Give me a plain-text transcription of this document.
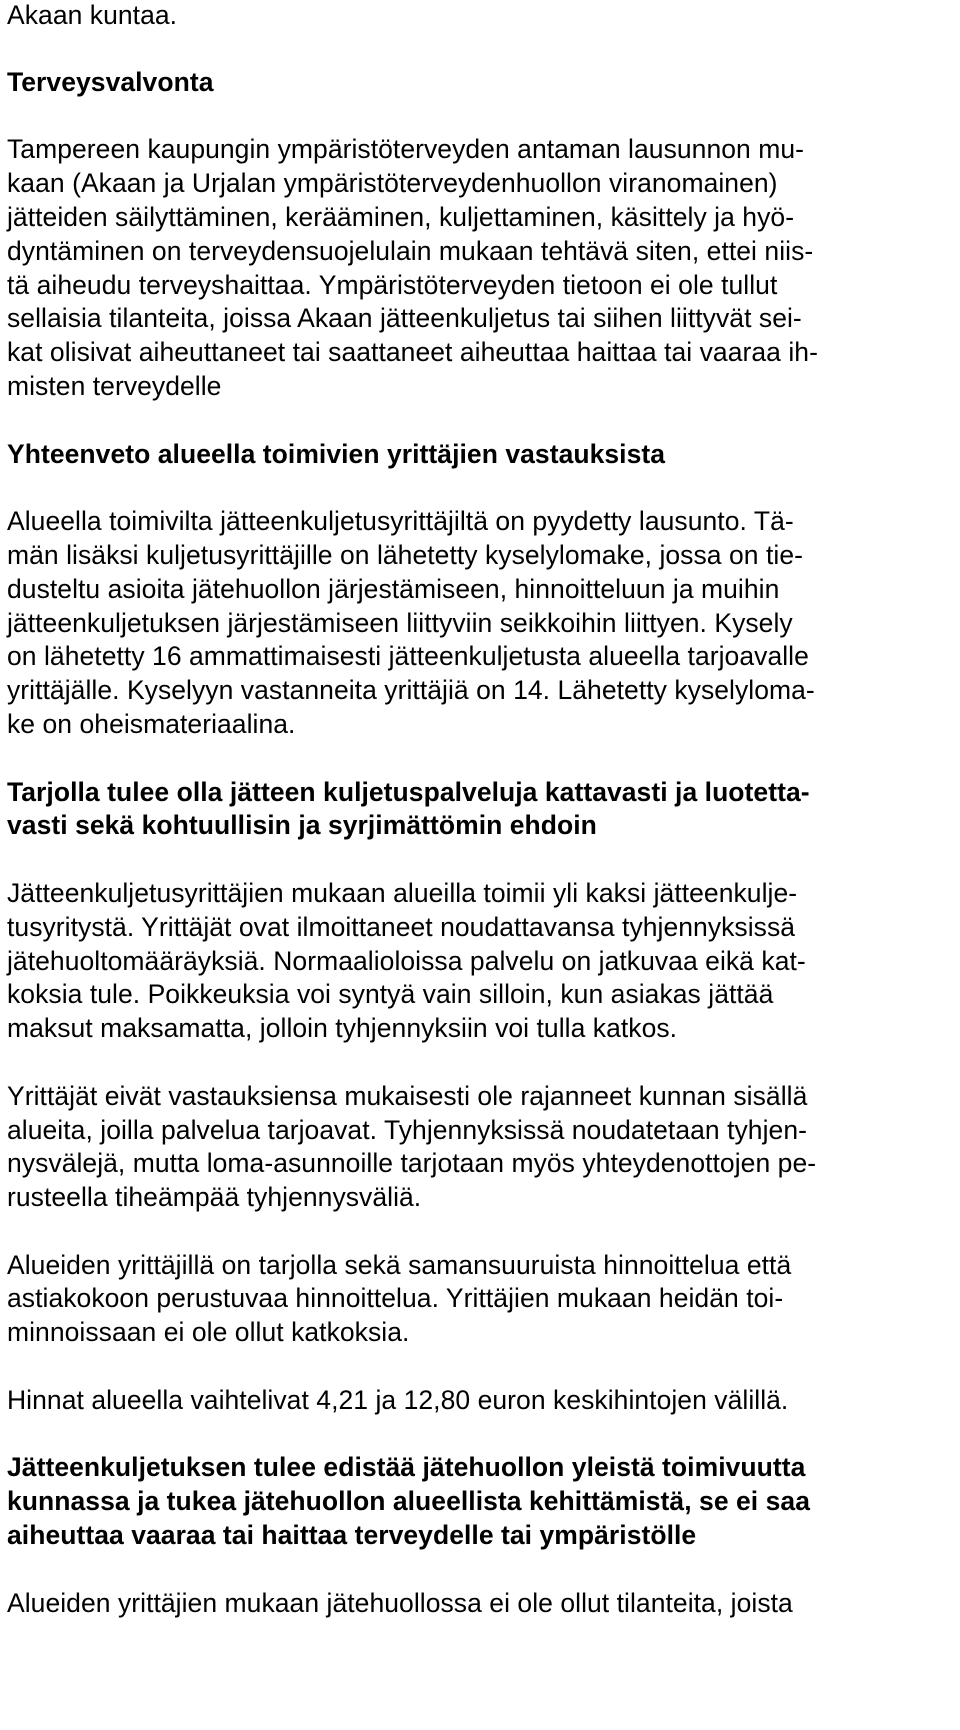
Akaan kuntaa.
Terveysvalvonta
Tampereen kaupungin ympäristöterveyden antaman lausunnon mu-
kaan (Akaan ja Urjalan ympäristöterveydenhuollon viranomainen)
jätteiden säilyttäminen, kerääminen, kuljettaminen, käsittely ja hyö-
dyntäminen on terveydensuojelulain mukaan tehtävä siten, ettei niis-
tä aiheudu terveyshaittaa. Ympäristöterveyden tietoon ei ole tullut
sellaisia tilanteita, joissa Akaan jätteenkuljetus tai siihen liittyvät sei-
kat olisivat aiheuttaneet tai saattaneet aiheuttaa haittaa tai vaaraa ih-
misten terveydelle
Yhteenveto alueella toimivien yrittäjien vastauksista
Alueella toimivilta jätteenkuljetusyrittäjiltä on pyydetty lausunto. Tä-
män lisäksi kuljetusyrittäjille on lähetetty kyselylomake, jossa on tie-
dusteltu asioita jätehuollon järjestämiseen, hinnoitteluun ja muihin
jätteenkuljetuksen järjestämiseen liittyviin seikkoihin liittyen. Kysely
on lähetetty 16 ammattimaisesti jätteenkuljetusta alueella tarjoavalle
yrittäjälle. Kyselyyn vastanneita yrittäjiä on 14. Lähetetty kyselyloma-
ke on oheismateriaalina.
Tarjolla tulee olla jätteen kuljetuspalveluja kattavasti ja luotetta-
vasti sekä kohtuullisin ja syrjimättömin ehdoin
Jätteenkuljetusyrittäjien mukaan alueilla toimii yli kaksi jätteenkulje-
tusyritystä. Yrittäjät ovat ilmoittaneet noudattavansa tyhjennyksissä
jätehuoltomääräyksiä. Normaalioloissa palvelu on jatkuvaa eikä kat-
koksia tule. Poikkeuksia voi syntyä vain silloin, kun asiakas jättää
maksut maksamatta, jolloin tyhjennyksiin voi tulla katkos.
Yrittäjät eivät vastauksiensa mukaisesti ole rajanneet kunnan sisällä
alueita, joilla palvelua tarjoavat. Tyhjennyksissä noudatetaan tyhjen-
nysvälejä, mutta loma-asunnoille tarjotaan myös yhteydenottojen pe-
rusteella tiheämpää tyhjennysväliä.
Alueiden yrittäjillä on tarjolla sekä samansuuruista hinnoittelua että
astiakokoon perustuvaa hinnoittelua. Yrittäjien mukaan heidän toi-
minnoissaan ei ole ollut katkoksia.
Hinnat alueella vaihtelivat 4,21 ja 12,80 euron keskihintojen välillä.
Jätteenkuljetuksen tulee edistää jätehuollon yleistä toimivuutta
kunnassa ja tukea jätehuollon alueellista kehittämistä, se ei saa
aiheuttaa vaaraa tai haittaa terveydelle tai ympäristölle
Alueiden yrittäjien mukaan jätehuollossa ei ole ollut tilanteita, joista
